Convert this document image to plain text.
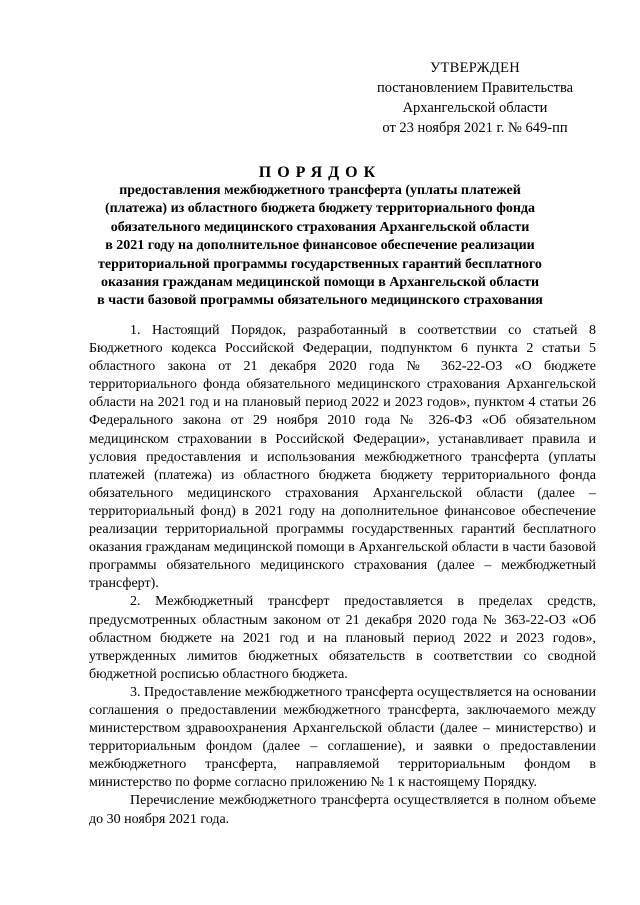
УТВЕРЖДЕН
постановлением Правительства
Архангельской области
от 23 ноября 2021 г. № 649-пп
ПОРЯДОК
предоставления межбюджетного трансферта (уплаты платежей
(платежа) из областного бюджета бюджету территориального фонда
обязательного медицинского страхования Архангельской области
в 2021 году на дополнительное финансовое обеспечение реализации
территориальной программы государственных гарантий бесплатного
оказания гражданам медицинской помощи в Архангельской области
в части базовой программы обязательного медицинского страхования

1. Настоящий Порядок, разработанный в соответствии со статьей 8 Бюджетного кодекса Российской Федерации, подпунктом 6 пункта 2 статьи 5 областного закона от 21 декабря 2020 года № 362-22-ОЗ «О бюджете территориального фонда обязательного медицинского страхования Архангельской области на 2021 год и на плановый период 2022 и 2023 годов», пунктом 4 статьи 26 Федерального закона от 29 ноября 2010 года № 326-ФЗ «Об обязательном медицинском страховании в Российской Федерации», устанавливает правила и условия предоставления и использования межбюджетного трансферта (уплаты платежей (платежа) из областного бюджета бюджету территориального фонда обязательного медицинского страхования Архангельской области (далее – территориальный фонд) в 2021 году на дополнительное финансовое обеспечение реализации территориальной программы государственных гарантий бесплатного оказания гражданам медицинской помощи в Архангельской области в части базовой программы обязательного медицинского страхования (далее – межбюджетный трансферт).

2. Межбюджетный трансферт предоставляется в пределах средств, предусмотренных областным законом от 21 декабря 2020 года № 363-22-ОЗ «Об областном бюджете на 2021 год и на плановый период 2022 и 2023 годов», утвержденных лимитов бюджетных обязательств в соответствии со сводной бюджетной росписью областного бюджета.

3. Предоставление межбюджетного трансферта осуществляется на основании соглашения о предоставлении межбюджетного трансферта, заключаемого между министерством здравоохранения Архангельской области (далее – министерство) и территориальным фондом (далее – соглашение), и заявки о предоставлении межбюджетного трансферта, направляемой территориальным фондом в министерство по форме согласно приложению № 1 к настоящему Порядку.

Перечисление межбюджетного трансферта осуществляется в полном объеме до 30 ноября 2021 года.
